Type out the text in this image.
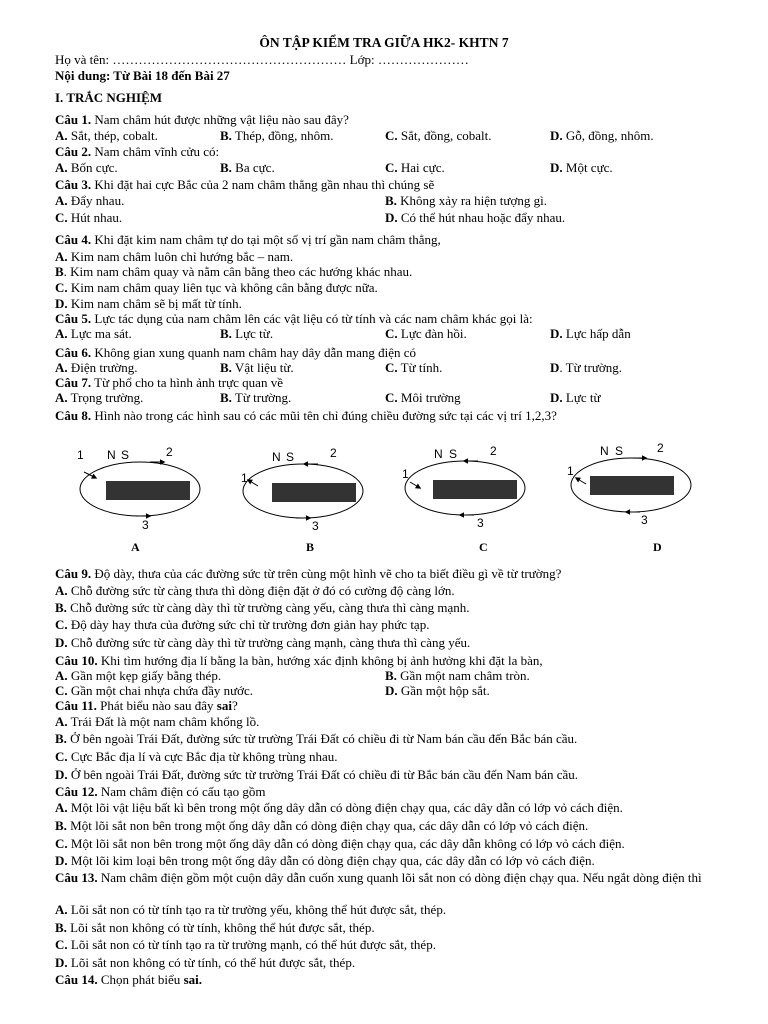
ÔN TẬP KIỂM TRA GIỮA HK2- KHTN 7
Họ và tên: ……………………………………………… Lớp: …………………
Nội dung: Từ Bài 18 đến Bài 27
I. TRẮC NGHIỆM
Câu 1. Nam châm hút được những vật liệu nào sau đây?
A. Sắt, thép, cobalt.	B. Thép, đồng, nhôm.	C. Sắt, đồng, cobalt.	D. Gỗ, đồng, nhôm.
Câu 2. Nam châm vĩnh cửu có:
A. Bốn cực.	B. Ba cực.	C. Hai cực.	D. Một cực.
Câu 3. Khi đặt hai cực Bắc của 2 nam châm thẳng gần nhau thì chúng sẽ
A. Đẩy nhau.	B. Không xảy ra hiện tượng gì.
C. Hút nhau.	D. Có thể hút nhau hoặc đẩy nhau.
Câu 4. Khi đặt kim nam châm tự do tại một số vị trí gần nam châm thẳng,
A. Kim nam châm luôn chỉ hướng bắc – nam.
B. Kim nam châm quay và nằm cân bằng theo các hướng khác nhau.
C. Kim nam châm quay liên tục và không cân bằng được nữa.
D. Kim nam châm sẽ bị mất từ tính.
Câu 5. Lực tác dụng của nam châm lên các vật liệu có từ tính và các nam châm khác gọi là:
A. Lực ma sát.	B. Lực từ.	C. Lực đàn hồi.	D. Lực hấp dẫn
Câu 6. Không gian xung quanh nam châm hay dây dẫn mang điện có
A. Điện trường.	B. Vật liệu từ.	C. Từ tính.	D. Từ trường.
Câu 7. Từ phổ cho ta hình ảnh trực quan về
A. Trọng trường.	B. Từ trường.	C. Môi trường	D. Lực từ
Câu 8. Hình nào trong các hình sau có các mũi tên chỉ đúng chiều đường sức tại các vị trí 1,2,3?
N S	2
1
3
A
N S	2
1
3
B
N S	2
1
3
C
N S	2
1
3
D
Câu 9. Độ dày, thưa của các đường sức từ trên cùng một hình vẽ cho ta biết điều gì về từ trường?
A. Chỗ đường sức từ càng thưa thì dòng điện đặt ở đó có cường độ càng lớn.
B. Chỗ đường sức từ càng dày thì từ trường càng yếu, càng thưa thì càng mạnh.
C. Độ dày hay thưa của đường sức chỉ từ trường đơn giản hay phức tạp.
D. Chỗ đường sức từ càng dày thì từ trường càng mạnh, càng thưa thì càng yếu.
Câu 10. Khi tìm hướng địa lí bằng la bàn, hướng xác định không bị ảnh hưởng khi đặt la bàn,
A. Gần một kẹp giấy bằng thép.	B. Gần một nam châm tròn.
C. Gần một chai nhựa chứa đầy nước.	D. Gần một hộp sắt.
Câu 11. Phát biểu nào sau đây sai?
A. Trái Đất là một nam châm khổng lồ.
B. Ở bên ngoài Trái Đất, đường sức từ trường Trái Đất có chiều đi từ Nam bán cầu đến Bắc bán cầu.
C. Cực Bắc địa lí và cực Bắc địa từ không trùng nhau.
D. Ở bên ngoài Trái Đất, đường sức từ trường Trái Đất có chiều đi từ Bắc bán cầu đến Nam bán cầu.
Câu 12. Nam châm điện có cấu tạo gồm
A. Một lõi vật liệu bất kì bên trong một ống dây dẫn có dòng điện chạy qua, các dây dẫn có lớp vỏ cách điện.
B. Một lõi sắt non bên trong một ống dây dẫn có dòng điện chạy qua, các dây dẫn có lớp vỏ cách điện.
C. Một lõi sắt non bên trong một ống dây dẫn có dòng điện chạy qua, các dây dẫn không có lớp vỏ cách điện.
D. Một lõi kim loại bên trong một ống dây dẫn có dòng điện chạy qua, các dây dẫn có lớp vỏ cách điện.
Câu 13. Nam châm điện gồm một cuộn dây dẫn cuốn xung quanh lõi sắt non có dòng điện chạy qua. Nếu ngắt dòng điện thì
A. Lõi sắt non có từ tính tạo ra từ trường yếu, không thể hút được sắt, thép.
B. Lõi sắt non không có từ tính, không thể hút được sắt, thép.
C. Lõi sắt non có từ tính tạo ra từ trường mạnh, có thể hút được sắt, thép.
D. Lõi sắt non không có từ tính, có thể hút được sắt, thép.
Câu 14. Chọn phát biểu sai.
